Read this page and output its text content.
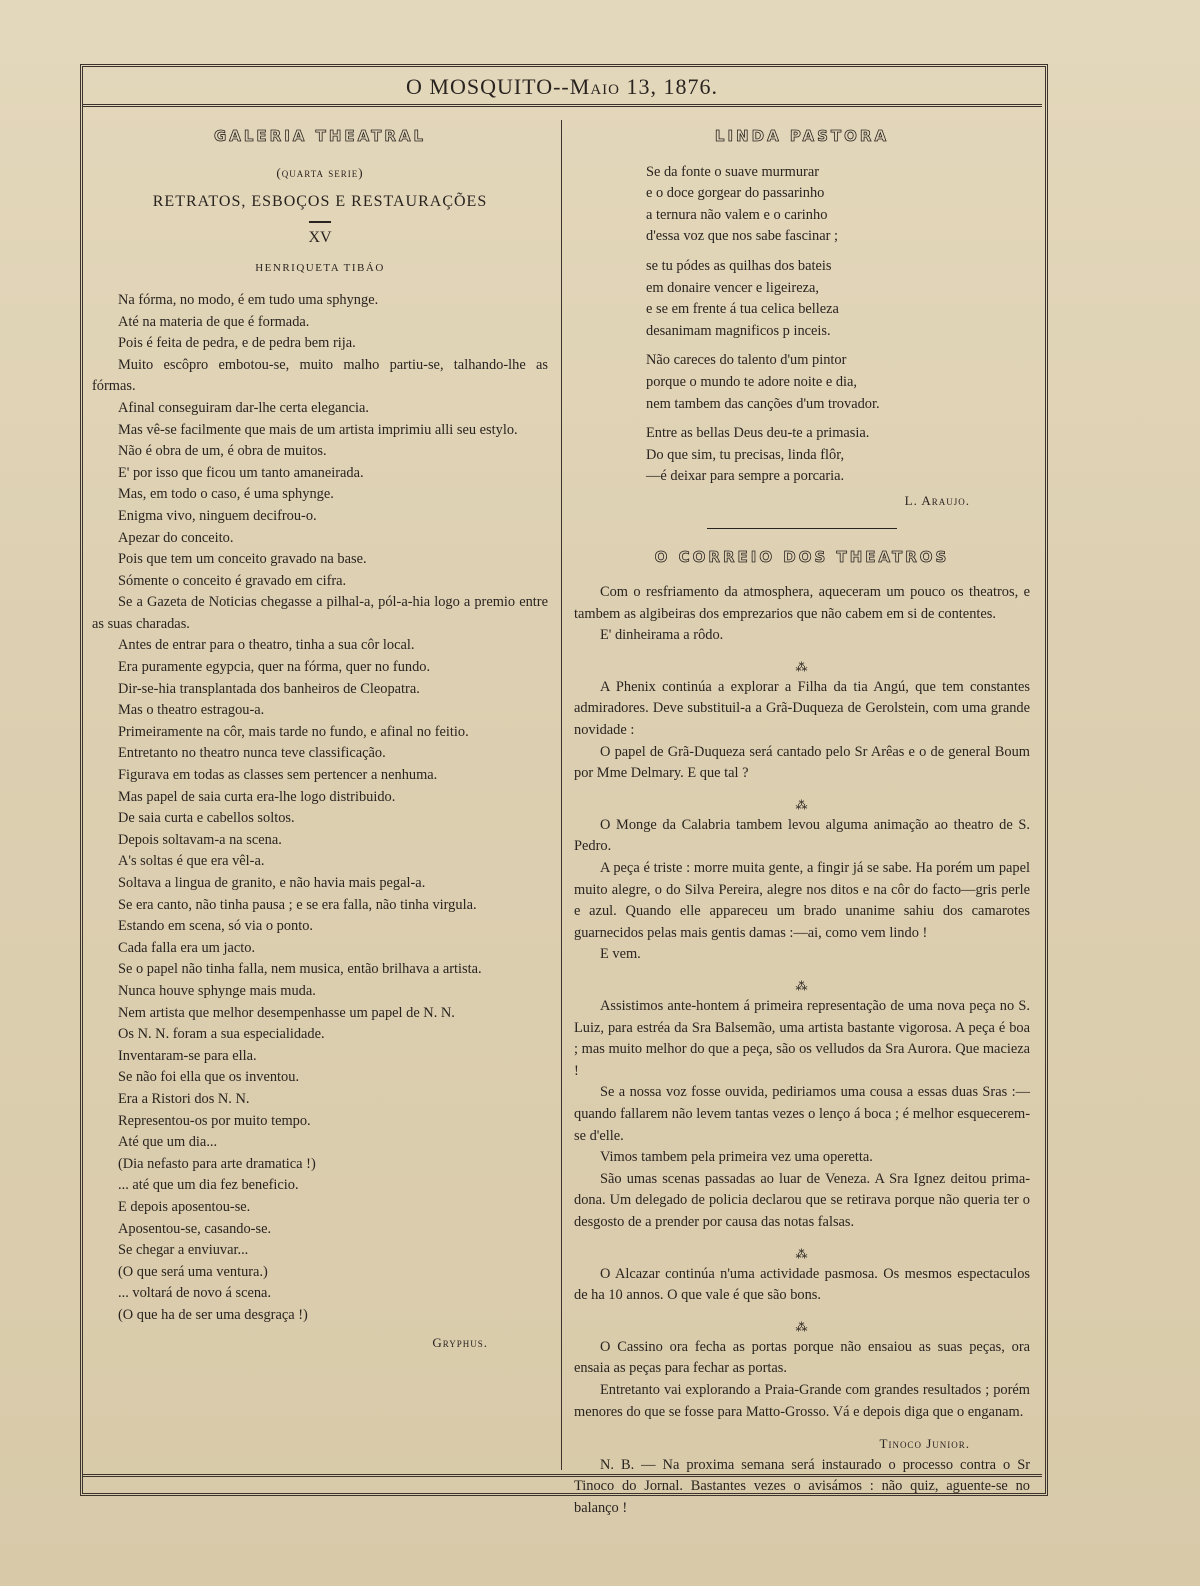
O MOSQUITO--Maio 13, 1876.
GALERIA THEATRAL
(quarta serie)
RETRATOS, ESBOÇOS E RESTAURAÇÕES
XV
HENRIQUETA TIBÁO

Na fórma, no modo, é em tudo uma sphynge.

Até na materia de que é formada.

Pois é feita de pedra, e de pedra bem rija.

Muito escôpro embotou-se, muito malho partiu-se, talhando-lhe as fórmas.

Afinal conseguiram dar-lhe certa elegancia.

Mas vê-se facilmente que mais de um artista imprimiu alli seu estylo.

Não é obra de um, é obra de muitos.

E' por isso que ficou um tanto amaneirada.

Mas, em todo o caso, é uma sphynge.

Enigma vivo, ninguem decifrou-o.

Apezar do conceito.

Pois que tem um conceito gravado na base.

Sómente o conceito é gravado em cifra.

Se a Gazeta de Noticias chegasse a pilhal-a, pól-a-hia logo a premio entre as suas charadas.

Antes de entrar para o theatro, tinha a sua côr local.

Era puramente egypcia, quer na fórma, quer no fundo.

Dir-se-hia transplantada dos banheiros de Cleopatra.

Mas o theatro estragou-a.

Primeiramente na côr, mais tarde no fundo, e afinal no feitio.

Entretanto no theatro nunca teve classificação.

Figurava em todas as classes sem pertencer a nenhuma.

Mas papel de saia curta era-lhe logo distribuido.

De saia curta e cabellos soltos.

Depois soltavam-a na scena.

A's soltas é que era vêl-a.

Soltava a lingua de granito, e não havia mais pegal-a.

Se era canto, não tinha pausa ; e se era falla, não tinha virgula.

Estando em scena, só via o ponto.

Cada falla era um jacto.

Se o papel não tinha falla, nem musica, então brilhava a artista.

Nunca houve sphynge mais muda.

Nem artista que melhor desempenhasse um papel de N. N.

Os N. N. foram a sua especialidade.

Inventaram-se para ella.

Se não foi ella que os inventou.

Era a Ristori dos N. N.

Representou-os por muito tempo.

Até que um dia...

(Dia nefasto para arte dramatica !)

... até que um dia fez beneficio.

E depois aposentou-se.

Aposentou-se, casando-se.

Se chegar a enviuvar...

(O que será uma ventura.)

... voltará de novo á scena.

(O que ha de ser uma desgraça !)

Gryphus.
LINDA PASTORA

Se da fonte o suave murmurar

e o doce gorgear do passarinho

a ternura não valem e o carinho

d'essa voz que nos sabe fascinar ;

se tu pódes as quilhas dos bateis

em donaire vencer e ligeireza,

e se em frente á tua celica belleza

desanimam magnificos p inceis.

Não careces do talento d'um pintor

porque o mundo te adore noite e dia,

nem tambem das canções d'um trovador.

Entre as bellas Deus deu-te a primasia.

Do que sim, tu precisas, linda flôr,

—é deixar para sempre a porcaria.

L. Araujo.
O CORREIO DOS THEATROS

Com o resfriamento da atmosphera, aqueceram um pouco os theatros, e tambem as algibeiras dos emprezarios que não cabem em si de contentes.

E' dinheirama a rôdo.

⁂

A Phenix continúa a explorar a Filha da tia Angú, que tem constantes admiradores. Deve substituil-a a Grã-Duqueza de Gerolstein, com uma grande novidade :

O papel de Grã-Duqueza será cantado pelo Sr Arêas e o de general Boum por Mme Delmary. E que tal ?

⁂

O Monge da Calabria tambem levou alguma animação ao theatro de S. Pedro.

A peça é triste : morre muita gente, a fingir já se sabe. Ha porém um papel muito alegre, o do Silva Pereira, alegre nos ditos e na côr do facto—gris perle e azul. Quando elle appareceu um brado unanime sahiu dos camarotes guarnecidos pelas mais gentis damas :—ai, como vem lindo !

E vem.

⁂

Assistimos ante-hontem á primeira representação de uma nova peça no S. Luiz, para estréa da Sra Balsemão, uma artista bastante vigorosa. A peça é boa ; mas muito melhor do que a peça, são os velludos da Sra Aurora. Que macieza !

Se a nossa voz fosse ouvida, pediriamos uma cousa a essas duas Sras :—quando fallarem não levem tantas vezes o lenço á boca ; é melhor esquecerem-se d'elle.

Vimos tambem pela primeira vez uma operetta.

São umas scenas passadas ao luar de Veneza. A Sra Ignez deitou prima-dona. Um delegado de policia declarou que se retirava porque não queria ter o desgosto de a prender por causa das notas falsas.

⁂

O Alcazar continúa n'uma actividade pasmosa. Os mesmos espectaculos de ha 10 annos. O que vale é que são bons.

⁂

O Cassino ora fecha as portas porque não ensaiou as suas peças, ora ensaia as peças para fechar as portas.

Entretanto vai explorando a Praia-Grande com grandes resultados ; porém menores do que se fosse para Matto-Grosso. Vá e depois diga que o enganam.

Tinoco Junior.

N. B. — Na proxima semana será instaurado o processo contra o Sr Tinoco do Jornal. Bastantes vezes o avisámos : não quiz, aguente-se no balanço !
